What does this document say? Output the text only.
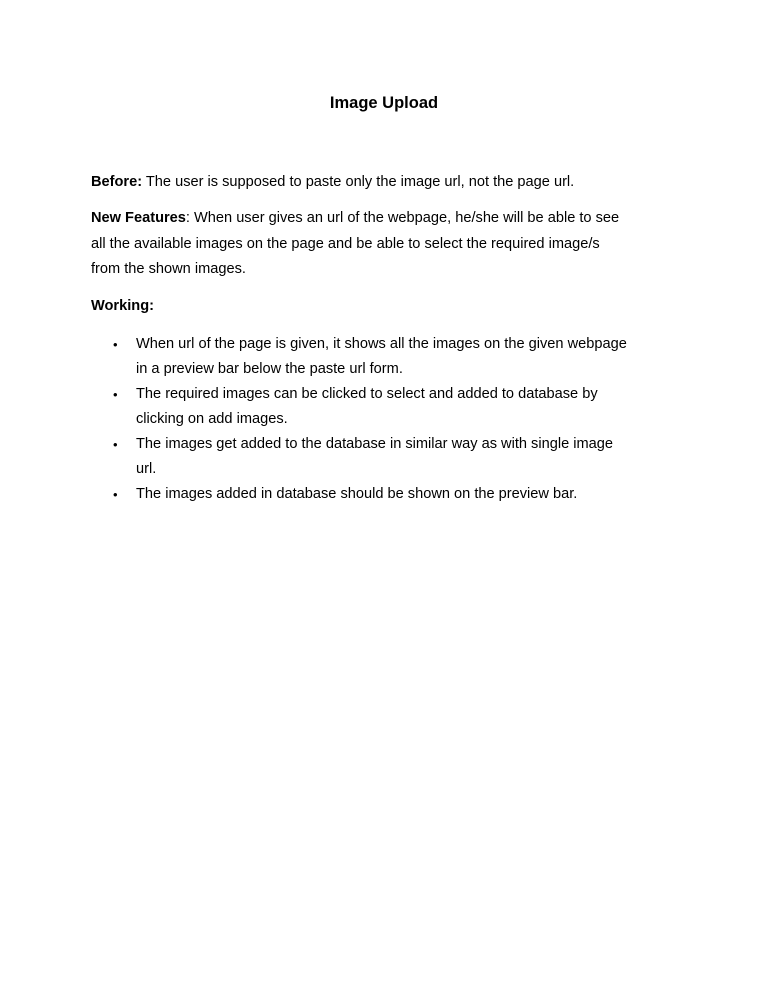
Image Upload
Before: The user is supposed to paste only the image url, not the page url.
New Features: When user gives an url of the webpage, he/she will be able to see
all the available images on the page and be able to select the required image/s
from the shown images.
Working:
• When url of the page is given, it shows all the images on the given webpage
in a preview bar below the paste url form.
• The required images can be clicked to select and added to database by
clicking on add images.
• The images get added to the database in similar way as with single image
url.
• The images added in database should be shown on the preview bar.
